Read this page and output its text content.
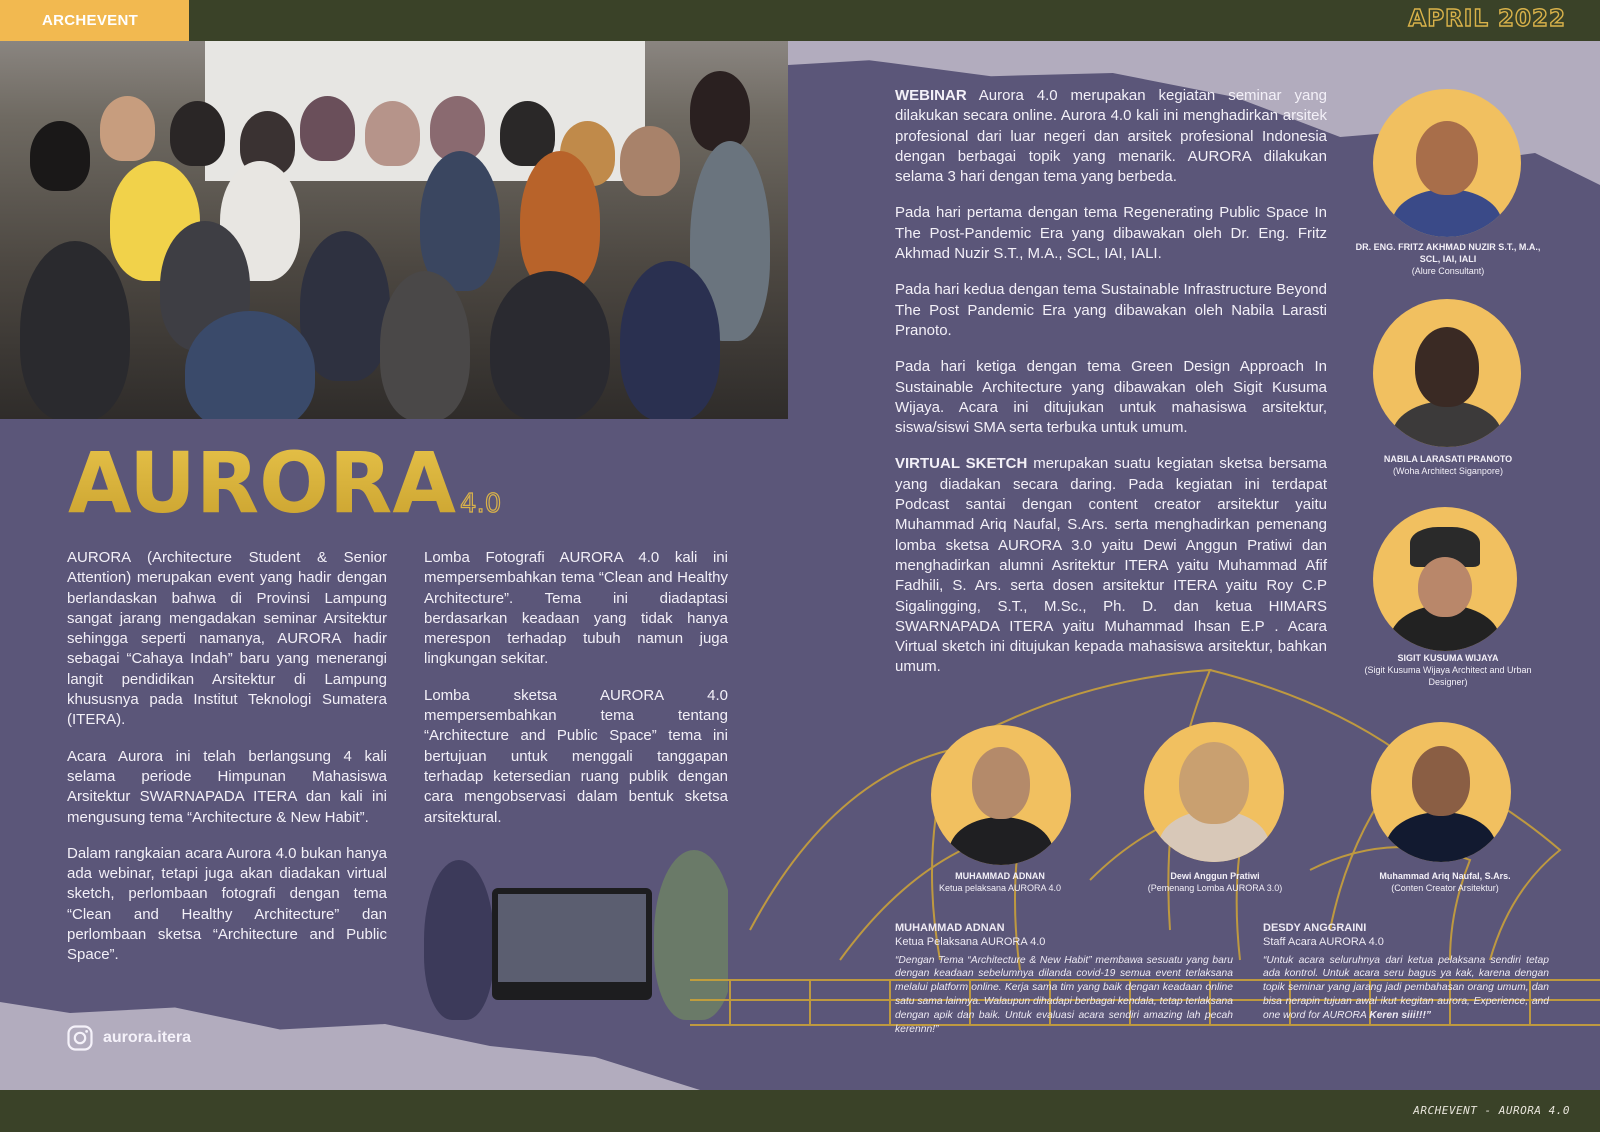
ARCHEVENT	APRIL 2022
AURORA 4.0

AURORA (Architecture Student & Senior Attention) merupakan event yang hadir dengan berlandaskan bahwa di Provinsi Lampung sangat jarang mengadakan seminar Arsitektur sehingga seperti namanya, AURORA hadir sebagai “Cahaya Indah” baru yang menerangi langit pendidikan Arsitektur di Lampung khususnya pada Institut Teknologi Sumatera (ITERA).

Acara Aurora ini telah berlangsung 4 kali selama periode Himpunan Mahasiswa Arsitektur SWARNAPADA ITERA dan kali ini mengusung tema “Architecture & New Habit”.

Dalam rangkaian acara Aurora 4.0 bukan hanya ada webinar, tetapi juga akan diadakan virtual sketch, perlombaan fotografi dengan tema “Clean and Healthy Architecture” dan perlombaan sketsa “Architecture and Public Space”.

Lomba Fotografi AURORA 4.0 kali ini mempersembahkan tema “Clean and Healthy Architecture”. Tema ini diadaptasi berdasarkan keadaan yang tidak hanya merespon terhadap tubuh namun juga lingkungan sekitar.

Lomba sketsa AURORA 4.0 mempersembahkan tema tentang “Architecture and Public Space” tema ini bertujuan untuk menggali tanggapan terhadap ketersedian ruang publik dengan cara mengobservasi dalam bentuk sketsa arsitektural.

aurora.itera

WEBINAR Aurora 4.0 merupakan kegiatan seminar yang dilakukan secara online. Aurora 4.0 kali ini menghadirkan arsitek profesional dari luar negeri dan arsitek profesional Indonesia dengan berbagai topik yang menarik. AURORA dilakukan selama 3 hari dengan tema yang berbeda.

Pada hari pertama dengan tema Regenerating Public Space In The Post-Pandemic Era yang dibawakan oleh Dr. Eng. Fritz Akhmad Nuzir S.T., M.A., SCL, IAI, IALI.

Pada hari kedua dengan tema Sustainable Infrastructure Beyond The Post Pandemic Era yang dibawakan oleh Nabila Larasti Pranoto.

Pada hari ketiga dengan tema Green Design Approach In Sustainable Architecture yang dibawakan oleh Sigit Kusuma Wijaya. Acara ini ditujukan untuk mahasiswa arsitektur, siswa/siswi SMA serta terbuka untuk umum.

VIRTUAL SKETCH merupakan suatu kegiatan sketsa bersama yang diadakan secara daring. Pada kegiatan ini terdapat Podcast santai dengan content creator arsitektur yaitu Muhammad Ariq Naufal, S.Ars. serta menghadirkan pemenang lomba sketsa AURORA 3.0 yaitu Dewi Anggun Pratiwi dan menghadirkan alumni Asritektur ITERA yaitu Muhammad Afif Fadhili, S. Ars. serta dosen arsitektur ITERA yaitu Roy C.P Sigalingging, S.T., M.Sc., Ph. D. dan ketua HIMARS SWARNAPADA ITERA yaitu Muhammad Ihsan E.P . Acara Virtual sketch ini ditujukan kepada mahasiswa arsitektur, bahkan umum.

DR. ENG. FRITZ AKHMAD NUZIR S.T., M.A., SCL, IAI, IALI
(Alure Consultant)
NABILA LARASATI PRANOTO
(Woha Architect Siganpore)
SIGIT KUSUMA WIJAYA
(Sigit Kusuma Wijaya Architect and Urban Designer)
MUHAMMAD ADNAN
Ketua pelaksana AURORA 4.0
Dewi Anggun Pratiwi
(Pemenang Lomba AURORA 3.0)
Muhammad Ariq Naufal, S.Ars.
(Conten Creator Arsitektur)
MUHAMMAD ADNAN
Ketua Pelaksana AURORA 4.0
“Dengan Tema “Architecture & New Habit” membawa sesuatu yang baru dengan keadaan sebelumnya dilanda covid-19 semua event terlaksana melalui platform online. Kerja sama tim yang baik dengan keadaan online satu sama lainnya. Walaupun dihadapi berbagai kendala, tetap terlaksana dengan apik dan baik. Untuk evaluasi acara sendiri amazing lah pecah kerennn!”
DESDY ANGGRAINI
Staff Acara AURORA 4.0
“Untuk acara seluruhnya dari ketua pelaksana sendiri tetap ada kontrol. Untuk acara seru bagus ya kak, karena dengan topik seminar yang jarang jadi pembahasan orang umum, dan bisa nerapin tujuan awal ikut kegitan aurora, Experience, and one word for AURORA Keren siii!!!”
ARCHEVENT - AURORA 4.0
